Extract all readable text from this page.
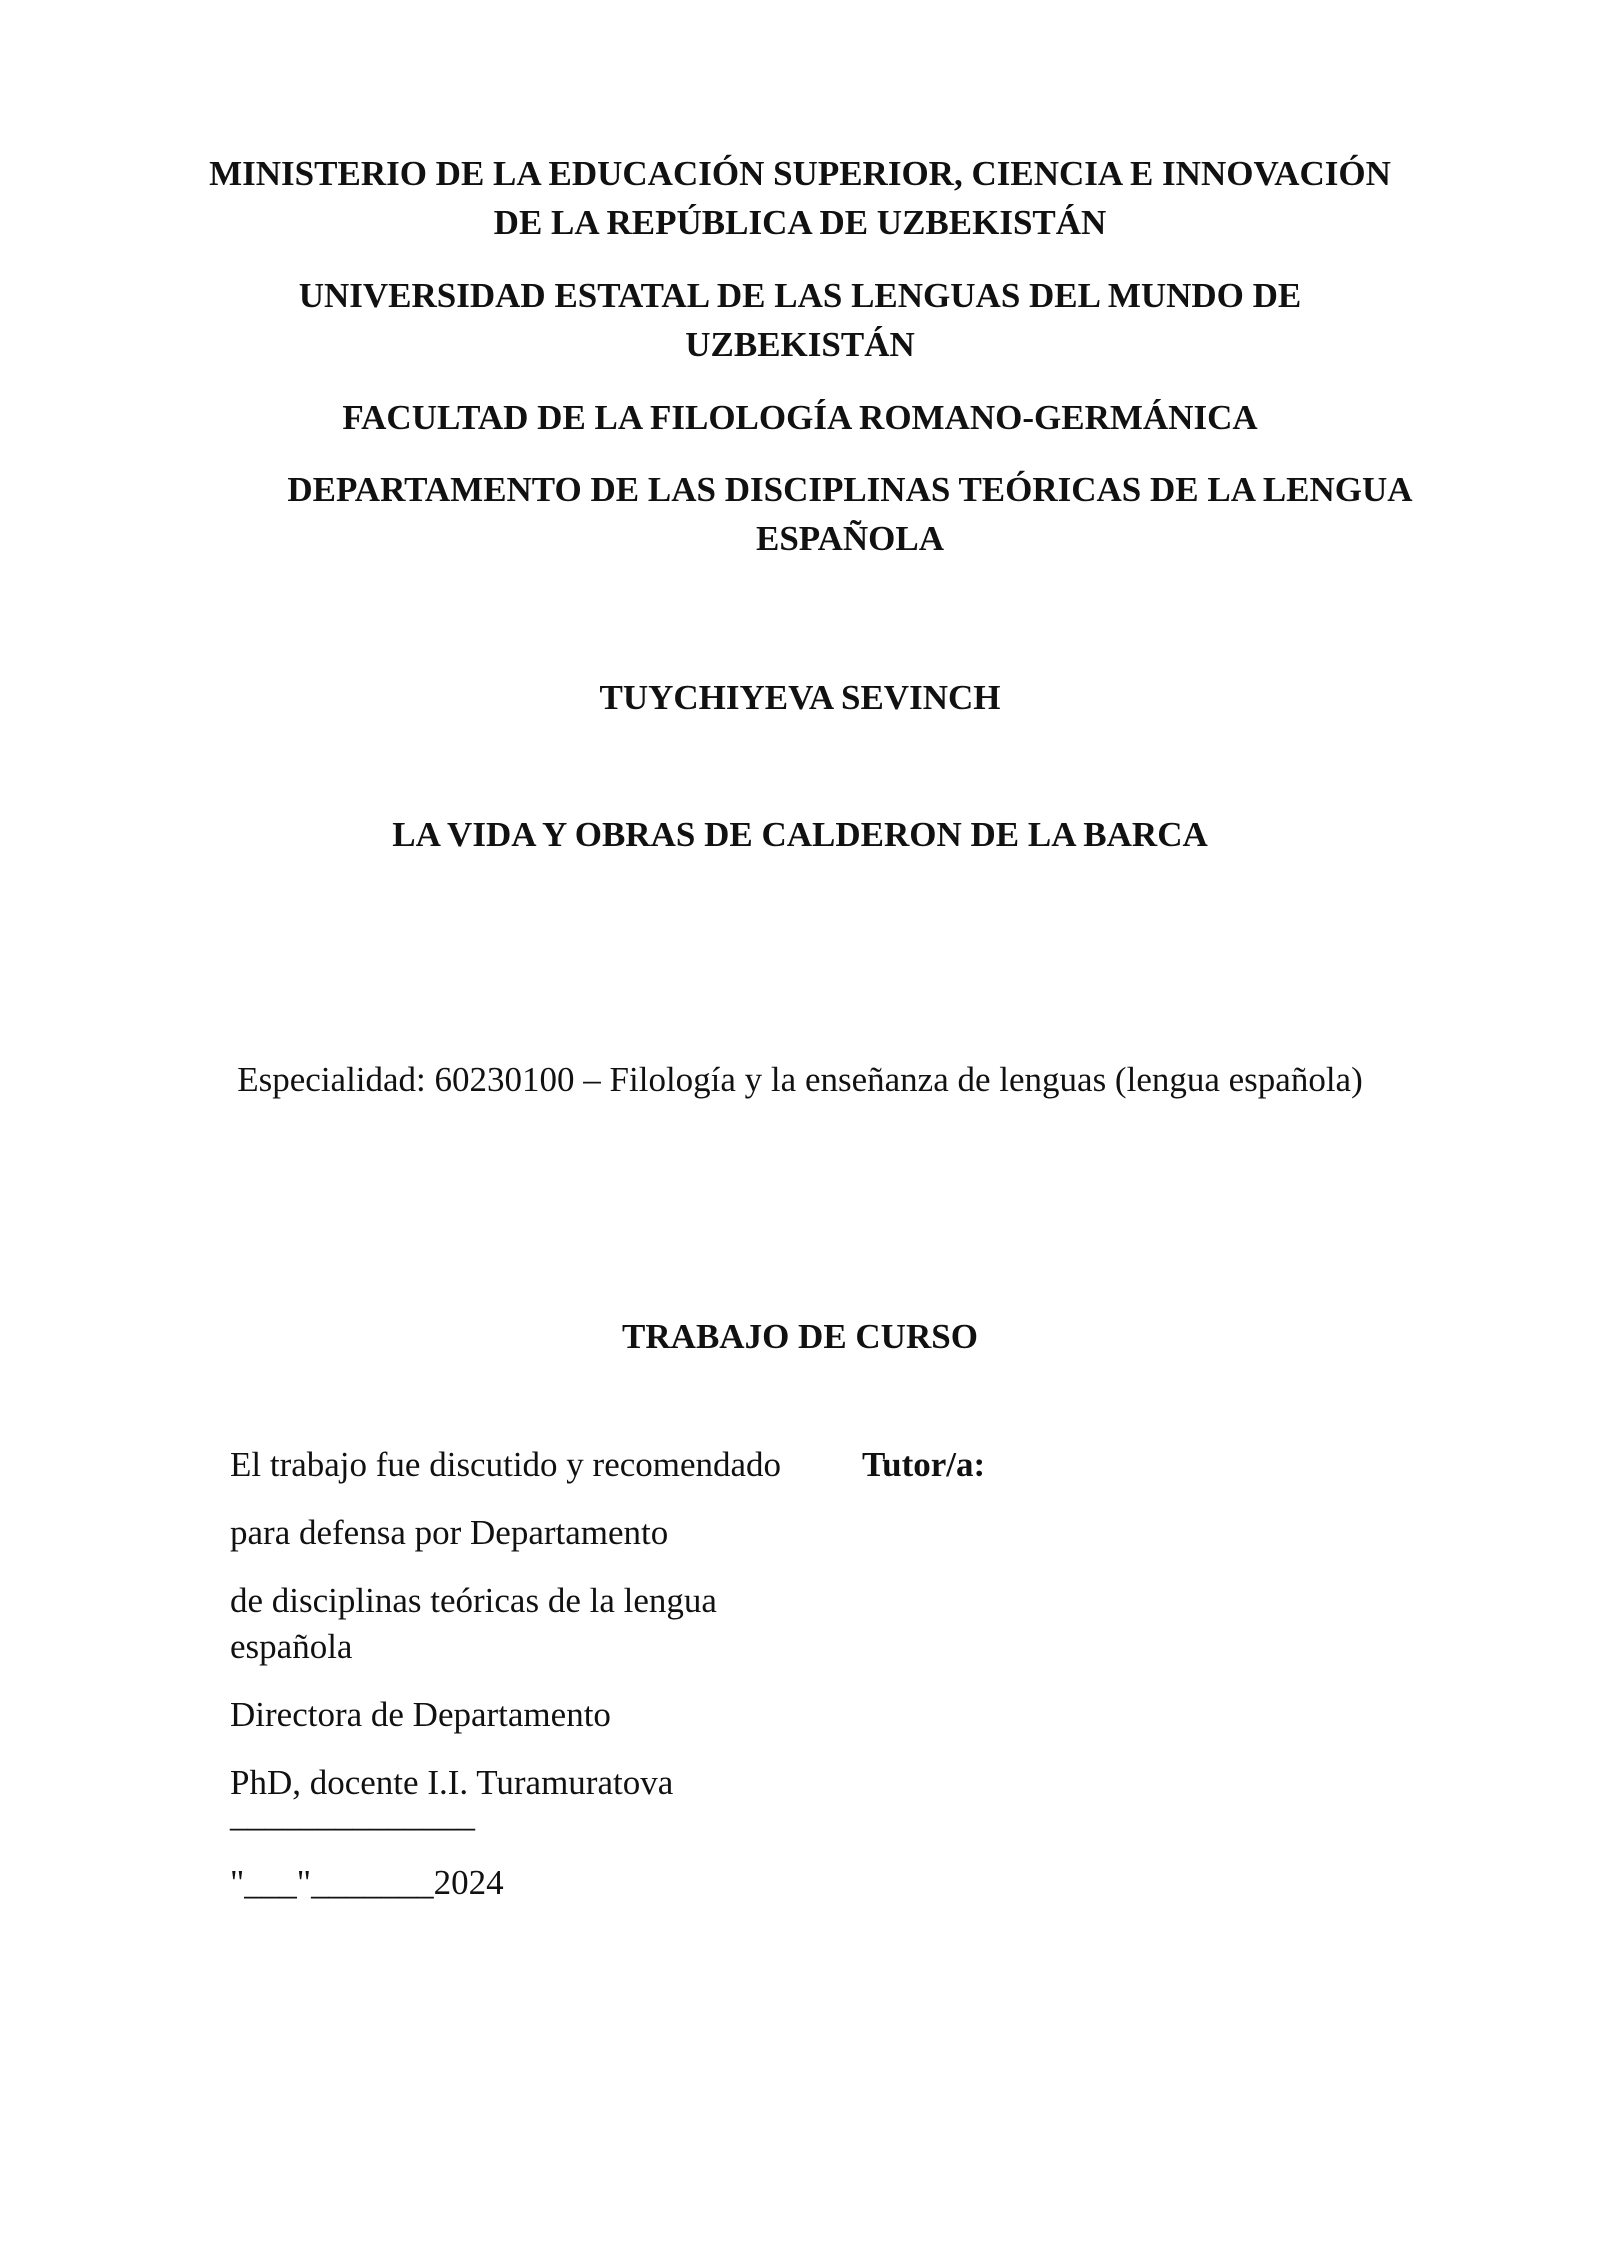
MINISTERIO DE LA EDUCACIÓN SUPERIOR, CIENCIA E INNOVACIÓN DE LA REPÚBLICA DE UZBEKISTÁN

UNIVERSIDAD ESTATAL DE LAS LENGUAS DEL MUNDO DE UZBEKISTÁN

FACULTAD DE LA FILOLOGÍA ROMANO-GERMÁNICA

DEPARTAMENTO DE LAS DISCIPLINAS TEÓRICAS DE LA LENGUA ESPAÑOLA

TUYCHIYEVA SEVINCH

LA VIDA Y OBRAS DE CALDERON DE LA BARCA

Especialidad: 60230100 – Filología y la enseñanza de lenguas (lengua española)

TRABAJO DE CURSO

El trabajo fue discutido y recomendado

para defensa por Departamento

de disciplinas teóricas de la lengua española

Directora de Departamento

PhD, docente I.I. Turamuratova

______________

"___"_______2024

Tutor/a:
